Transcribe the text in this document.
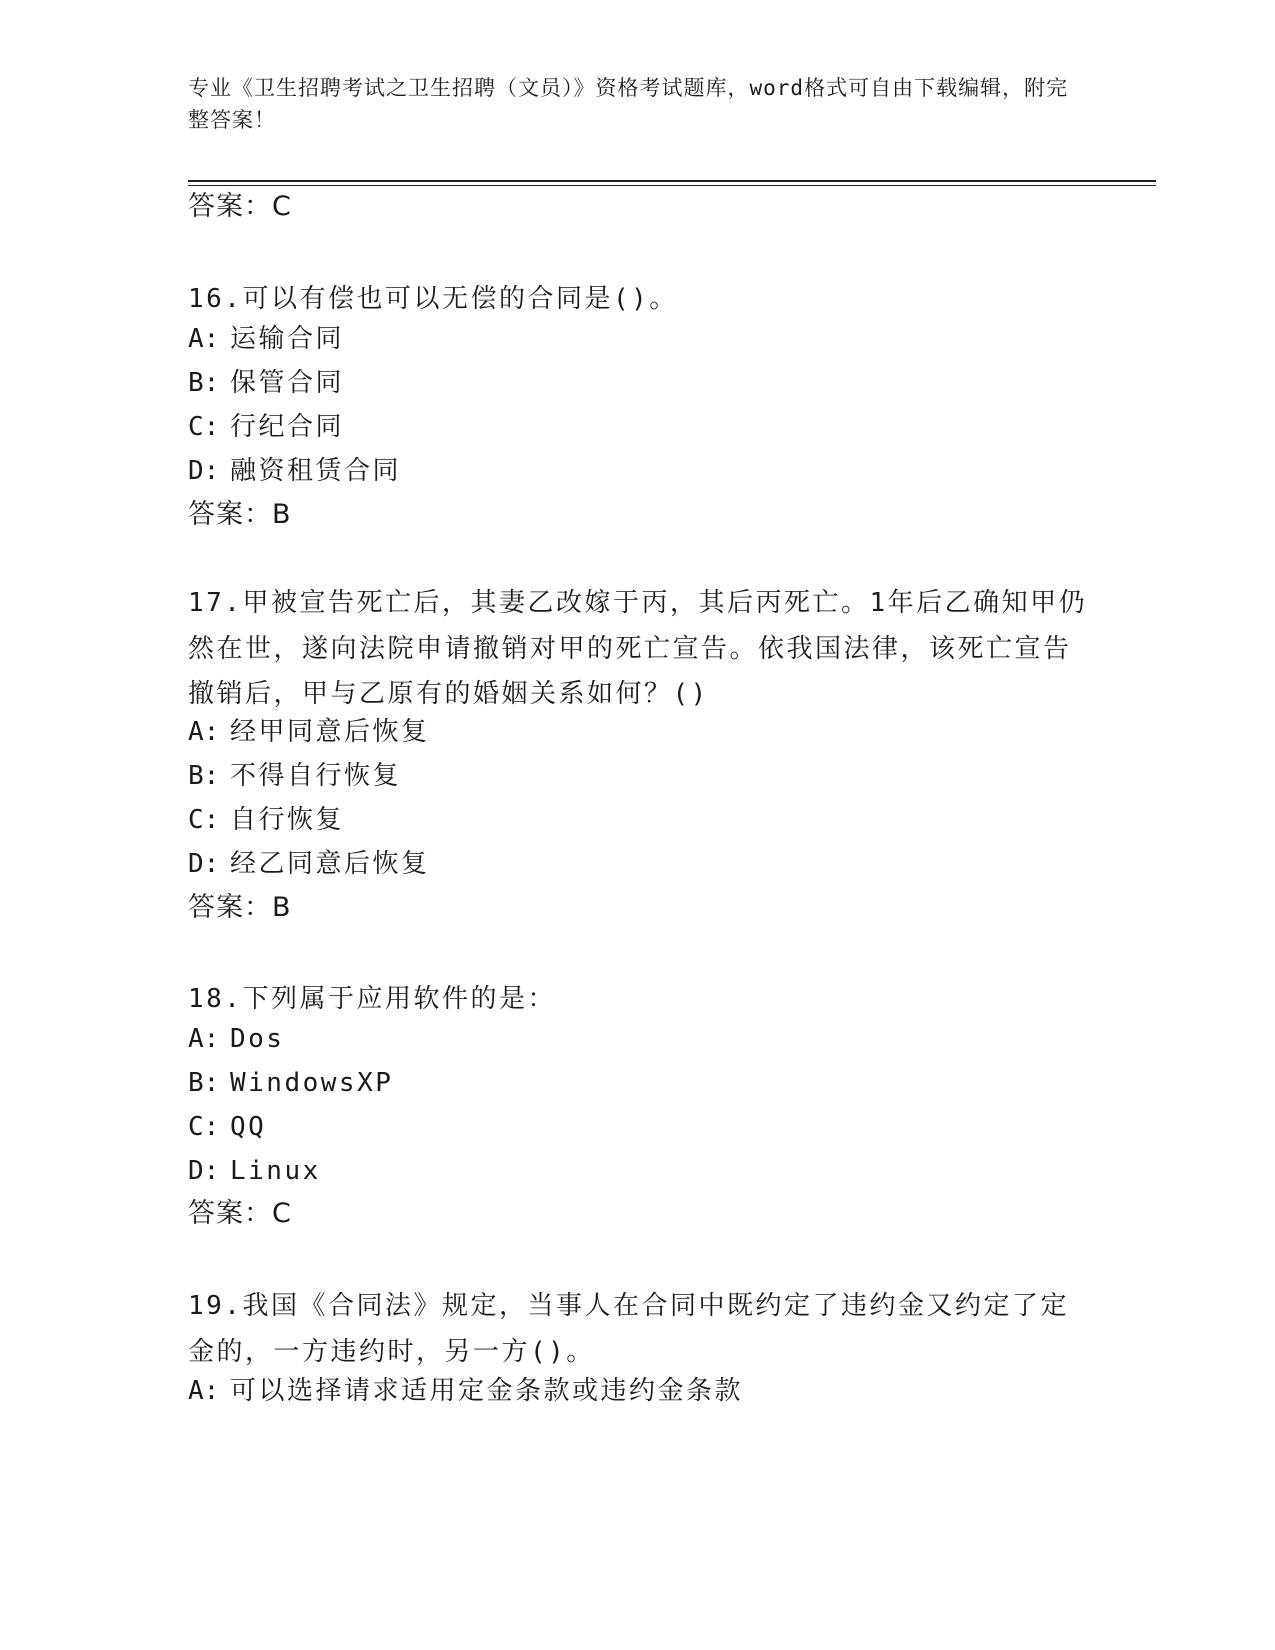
专业《卫生招聘考试之卫生招聘（文员）》资格考试题库，word格式可自由下载编辑，附完整答案！
答案：C
16.可以有偿也可以无偿的合同是()。
A: 运输合同
B: 保管合同
C: 行纪合同
D: 融资租赁合同
答案：B
17.甲被宣告死亡后，其妻乙改嫁于丙，其后丙死亡。1年后乙确知甲仍然在世，遂向法院申请撤销对甲的死亡宣告。依我国法律，该死亡宣告撤销后，甲与乙原有的婚姻关系如何？()
A: 经甲同意后恢复
B: 不得自行恢复
C: 自行恢复
D: 经乙同意后恢复
答案：B
18.下列属于应用软件的是：
A: Dos
B: WindowsXP
C: QQ
D: Linux
答案：C
19.我国《合同法》规定，当事人在合同中既约定了违约金又约定了定金的，一方违约时，另一方()。
A: 可以选择请求适用定金条款或违约金条款
